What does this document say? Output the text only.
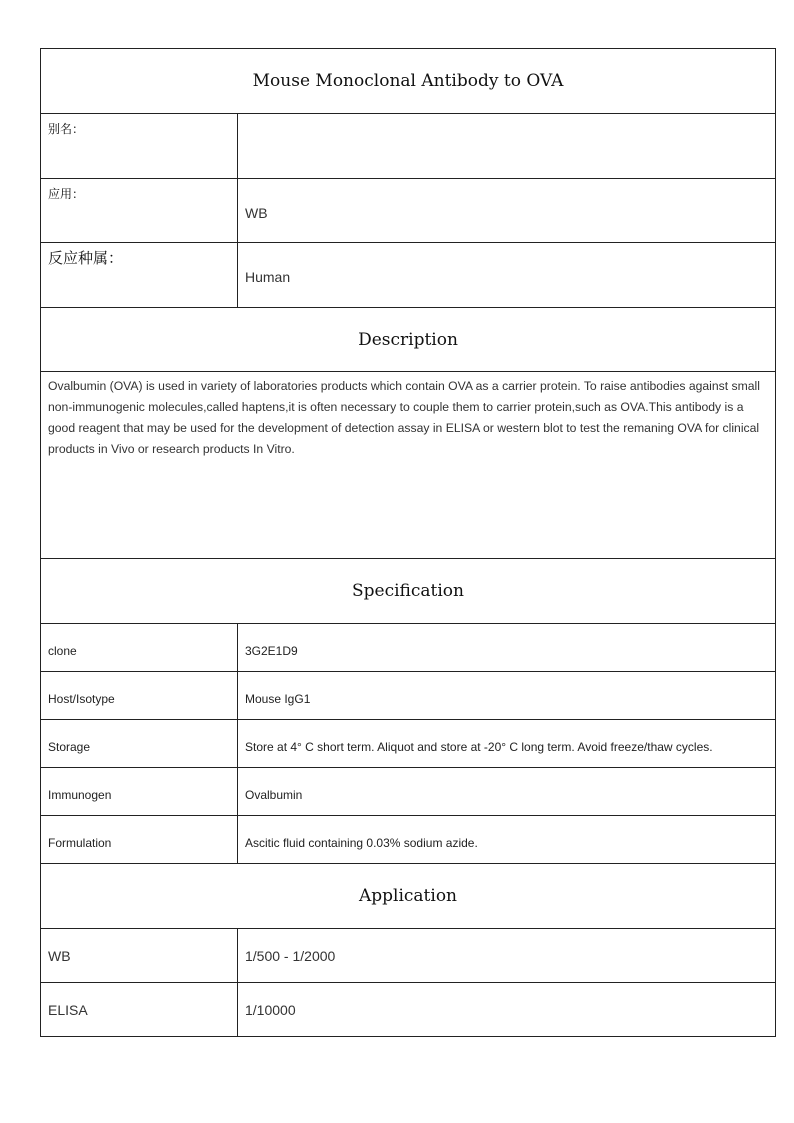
Mouse Monoclonal Antibody to OVA	
别名：	
应用：	WB
反应种属：	Human
Description	
Ovalbumin (OVA) is used in variety of laboratories products which contain OVA as a carrier protein. To raise antibodies against small non-immunogenic molecules,called haptens,it is often necessary to couple them to carrier protein,such as OVA.This antibody is a good reagent that may be used for the development of detection assay in ELISA or western blot to test the remaning OVA for clinical products in Vivo or research products In Vitro.	
Specification	
clone	3G2E1D9
Host/Isotype	Mouse IgG1
Storage	Store at 4° C short term. Aliquot and store at -20° C long term. Avoid freeze/thaw cycles.
Immunogen	Ovalbumin
Formulation	Ascitic fluid containing 0.03% sodium azide.
Application	
WB	1/500 - 1/2000
ELISA	1/10000
